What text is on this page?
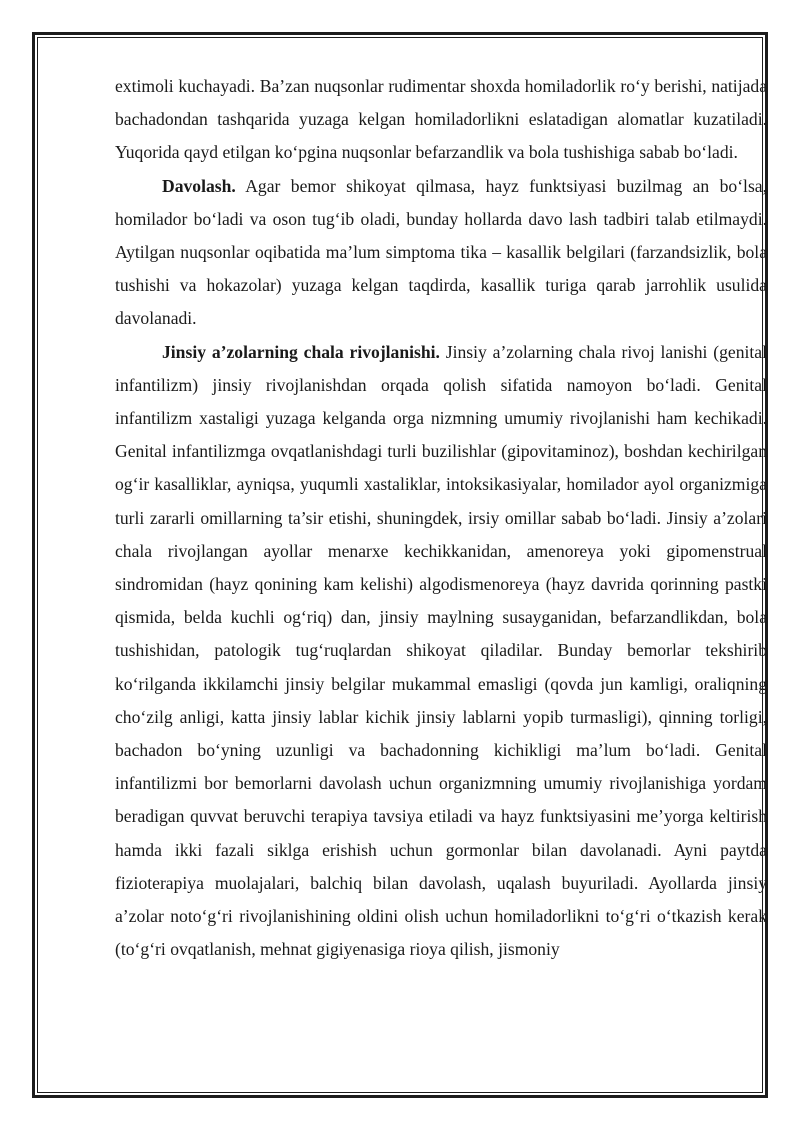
extimoli kuchayadi. Ba’zan nuqsonlar rudimentar shoxda homiladorlik ro‘y berishi, natijada bachadondan tashqarida yuzaga kelgan homiladorlikni eslatadigan alomatlar kuzatiladi. Yuqorida qayd etilgan ko‘pgina nuqsonlar befarzandlik va bola tushishiga sabab bo‘ladi.

Davolash. Agar bemor shikoyat qilmasa, hayz funktsiyasi buzilmag an bo‘lsa, homilador bo‘ladi va oson tug‘ib oladi, bunday hollarda davo lash tadbiri talab etilmaydi. Aytilgan nuqsonlar oqibatida ma’lum simptoma tika – kasallik belgilari (farzandsizlik, bola tushishi va hokazolar) yuzaga kelgan taqdirda, kasallik turiga qarab jarrohlik usulida davolanadi.

Jinsiy a’zolarning chala rivojlanishi. Jinsiy a’zolarning chala rivoj lanishi (genital infantilizm) jinsiy rivojlanishdan orqada qolish sifatida namoyon bo‘ladi. Genital infantilizm xastaligi yuzaga kelganda orga nizmning umumiy rivojlanishi ham kechikadi. Genital infantilizmga ovqatlanishdagi turli buzilishlar (gipovitaminoz), boshdan kechirilgan og‘ir kasalliklar, ayniqsa, yuqumli xastaliklar, intoksikasiyalar, homilador ayol organizmiga turli zararli omillarning ta’sir etishi, shuningdek, irsiy omillar sabab bo‘ladi. Jinsiy a’zolari chala rivojlangan ayollar menarxe kechikkanidan, amenoreya yoki gipomenstrual sindromidan (hayz qonining kam kelishi) algodismenoreya (hayz davrida qorinning pastki qismida, belda kuchli og‘riq) dan, jinsiy maylning susayganidan, befarzandlikdan, bola tushishidan, patologik tug‘ruqlardan shikoyat qiladilar. Bunday bemorlar tekshirib ko‘rilganda ikkilamchi jinsiy belgilar mukammal emasligi (qovda jun kamligi, oraliqning cho‘zilg anligi, katta jinsiy lablar kichik jinsiy lablarni yopib turmasligi), qinning torligi, bachadon bo‘yning uzunligi va bachadonning kichikligi ma’lum bo‘ladi. Genital infantilizmi bor bemorlarni davolash uchun organizmning umumiy rivojlanishiga yordam beradigan quvvat beruvchi terapiya tavsiya etiladi va hayz funktsiyasini me’yorga keltirish hamda ikki fazali siklga erishish uchun gormonlar bilan davolanadi. Ayni paytda fizioterapiya muolajalari, balchiq bilan davolash, uqalash buyuriladi. Ayollarda jinsiy a’zolar noto‘g‘ri rivojlanishining oldini olish uchun homiladorlikni to‘g‘ri o‘tkazish kerak (to‘g‘ri ovqatlanish, mehnat gigiyenasiga rioya qilish, jismoniy
